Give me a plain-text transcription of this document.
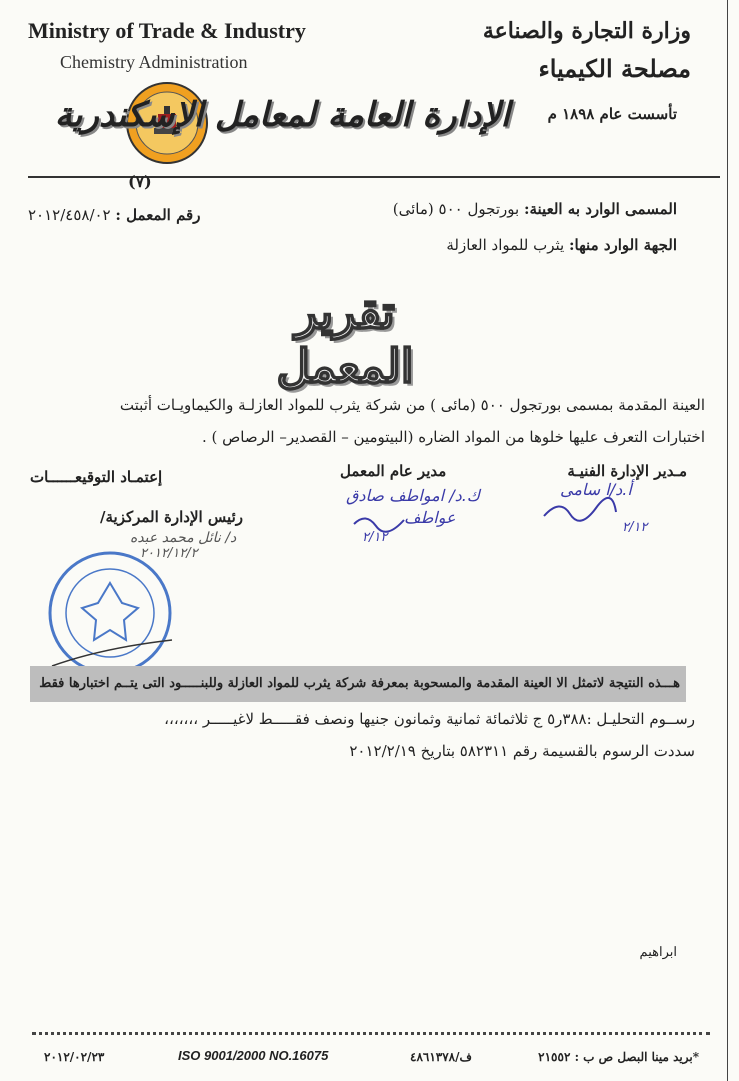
Ministry of Trade & Industry
Chemistry Administration
وزارة التجارة والصناعة
مصلحة الكيمياء
الإدارة العامة لمعامل الإسكندرية	تأسست عام ١٨٩٨ م
(٧)
المسمى الوارد به العينة: بورتجول ٥٠٠ (مائى)
رقم المعمل : ٢٠١٢/٤٥٨/٠٢
الجهة الوارد منها: يثرب للمواد العازلة
تقرير المعمل
العينة المقدمة بمسمى بورتجول ٥٠٠ (مائى ) من شركة يثرب للمواد العازلـة والكيماويـات أثبتت
اختبارات التعرف عليها خلوها من المواد الضاره (البيتومين – القصدير– الرصاص ) .
مـدير الإدارة الفنيـة
مدير عام المعمل
إعتمـاد التوقيعــــــات
أ.د/ا سامى
٢/١٢
ك.د/ امواطف صادق
عواطف
٢/١٢
رئيس الإدارة المركزية/
د/ نائل محمد عبده
٢٠١٢/١٢/٢
هـــذه النتيجة لاتمثل الا العينة المقدمة والمسحوبة بمعرفة شركة يثرب للمواد العازلة وللبنـــــود التى يتــم اختبارها فقط
رســوم التحليـل :٣٨٨ر٥ ج ثلاثمائة ثمانية وثمانون جنيها ونصف فقـــــط لاغيـــــر ،،،،،،،
سددت الرسوم بالقسيمة رقم ٥٨٢٣١١ بتاريخ ٢٠١٢/٢/١٩
ابراهيم
*بريد مينا البصل ص ب : ٢١٥٥٢
ف/٤٨٦١٣٧٨
ISO 9001/2000 NO.16075
٢٠١٢/٠٢/٢٣
